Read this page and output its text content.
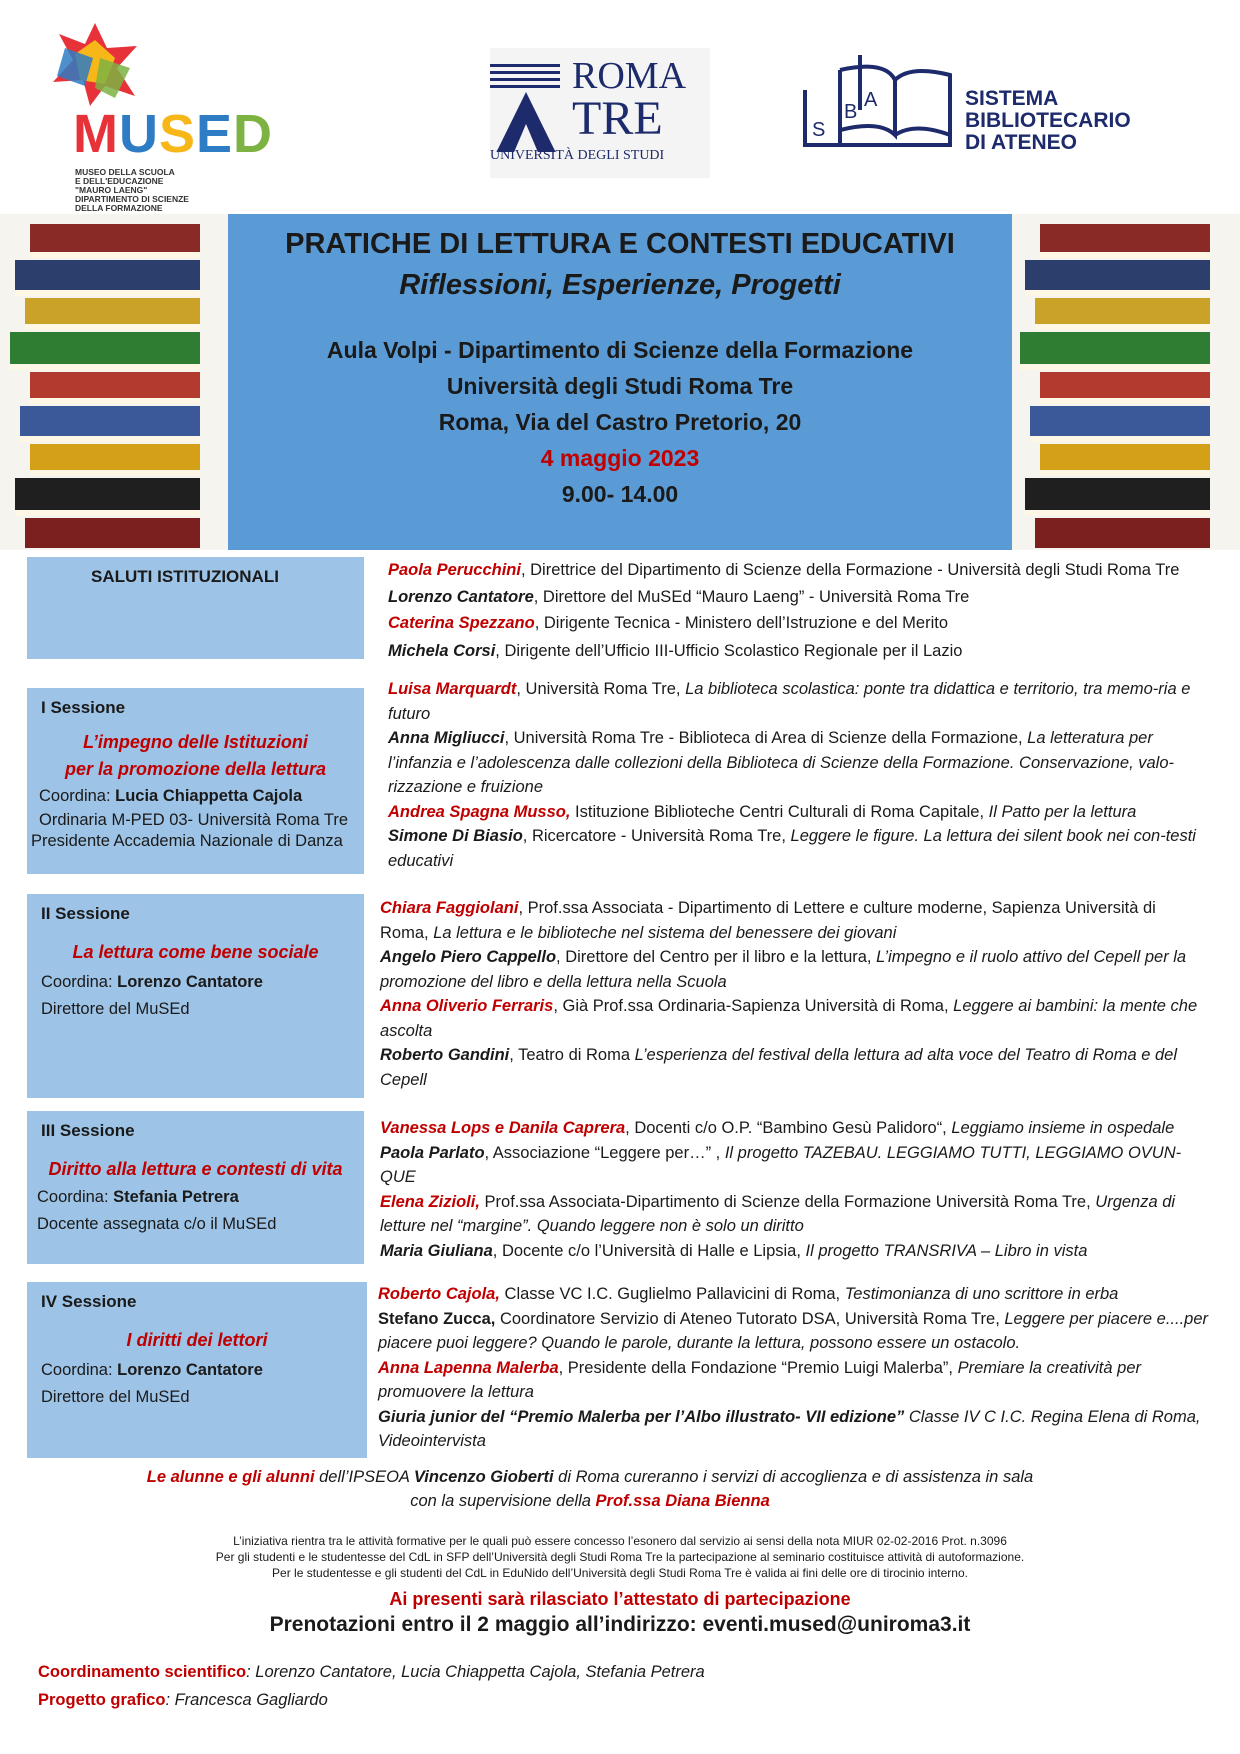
MUSED
MUSEO DELLA SCUOLA
E DELL'EDUCAZIONE
"MAURO LAENG"
DIPARTIMENTO DI SCIENZE
DELLA FORMAZIONE
ROMA
TRE
UNIVERSITÀ DEGLI STUDI
S
B
A	SISTEMA
BIBLIOTECARIO
DI ATENEO
PRATICHE DI LETTURA E CONTESTI EDUCATIVI
Riflessioni, Esperienze, Progetti
Aula Volpi - Dipartimento di Scienze della Formazione
Università degli Studi Roma Tre
Roma, Via del Castro Pretorio, 20
4 maggio 2023
9.00- 14.00
SALUTI ISTITUZIONALI	Paola Perucchini, Direttrice del Dipartimento di Scienze della Formazione - Università degli Studi Roma Tre

Lorenzo Cantatore, Direttore del MuSEd “Mauro Laeng” - Università Roma Tre

Caterina Spezzano, Dirigente Tecnica - Ministero dell’Istruzione e del Merito

Michela Corsi, Dirigente dell’Ufficio III-Ufficio Scolastico Regionale per il Lazio

I Sessione
L’impegno delle Istituzioni
per la promozione della lettura
Coordina: Lucia Chiappetta Cajola
Ordinaria M-PED 03- Università Roma Tre
Presidente Accademia Nazionale di Danza

Luisa Marquardt, Università Roma Tre, La biblioteca scolastica: ponte tra didattica e territorio, tra memo-ria e futuro

Anna Migliucci, Università Roma Tre - Biblioteca di Area di Scienze della Formazione, La letteratura per l’infanzia e l’adolescenza dalle collezioni della Biblioteca di Scienze della Formazione. Conservazione, valo-rizzazione e fruizione

Andrea Spagna Musso, Istituzione Biblioteche Centri Culturali di Roma Capitale, Il Patto per la lettura

Simone Di Biasio, Ricercatore - Università Roma Tre, Leggere le figure. La lettura dei silent book nei con-testi educativi

II Sessione
La lettura come bene sociale
Coordina: Lorenzo Cantatore
Direttore del MuSEd

Chiara Faggiolani, Prof.ssa Associata - Dipartimento di Lettere e culture moderne, Sapienza Università di Roma, La lettura e le biblioteche nel sistema del benessere dei giovani

Angelo Piero Cappello, Direttore del Centro per il libro e la lettura, L’impegno e il ruolo attivo del Cepell per la promozione del libro e della lettura nella Scuola

Anna Oliverio Ferraris, Già Prof.ssa Ordinaria-Sapienza Università di Roma, Leggere ai bambini: la mente che ascolta

Roberto Gandini, Teatro di Roma L’esperienza del festival della lettura ad alta voce del Teatro di Roma e del Cepell

III Sessione
Diritto alla lettura e contesti di vita
Coordina: Stefania Petrera
Docente assegnata c/o il MuSEd

Vanessa Lops e Danila Caprera, Docenti c/o O.P. “Bambino Gesù Palidoro“, Leggiamo insieme in ospedale

Paola Parlato, Associazione “Leggere per…” , Il progetto TAZEBAU. LEGGIAMO TUTTI, LEGGIAMO OVUN-QUE

Elena Zizioli, Prof.ssa Associata-Dipartimento di Scienze della Formazione Università Roma Tre, Urgenza di letture nel “margine”. Quando leggere non è solo un diritto

Maria Giuliana, Docente c/o l’Università di Halle e Lipsia, Il progetto TRANSRIVA – Libro in vista

IV Sessione
I diritti dei lettori
Coordina: Lorenzo Cantatore
Direttore del MuSEd

Roberto Cajola, Classe VC I.C. Guglielmo Pallavicini di Roma, Testimonianza di uno scrittore in erba

Stefano Zucca, Coordinatore Servizio di Ateneo Tutorato DSA, Università Roma Tre, Leggere per piacere e....per piacere puoi leggere? Quando le parole, durante la lettura, possono essere un ostacolo.

Anna Lapenna Malerba, Presidente della Fondazione “Premio Luigi Malerba”, Premiare la creatività per promuovere la lettura

Giuria junior del “Premio Malerba per l’Albo illustrato- VII edizione” Classe IV C I.C. Regina Elena di Roma, Videointervista

Le alunne e gli alunni dell’IPSEOA Vincenzo Gioberti di Roma cureranno i servizi di accoglienza e di assistenza in sala
con la supervisione della Prof.ssa Diana Bienna
L’iniziativa rientra tra le attività formative per le quali può essere concesso l’esonero dal servizio ai sensi della nota MIUR 02-02-2016 Prot. n.3096
Per gli studenti e le studentesse del CdL in SFP dell’Università degli Studi Roma Tre la partecipazione al seminario costituisce attività di autoformazione.
Per le studentesse e gli studenti del CdL in EduNido dell’Università degli Studi Roma Tre è valida ai fini delle ore di tirocinio interno.
Ai presenti sarà rilasciato l’attestato di partecipazione
Prenotazioni entro il 2 maggio all’indirizzo: eventi.mused@uniroma3.it
Coordinamento scientifico: Lorenzo Cantatore, Lucia Chiappetta Cajola, Stefania Petrera
Progetto grafico: Francesca Gagliardo
